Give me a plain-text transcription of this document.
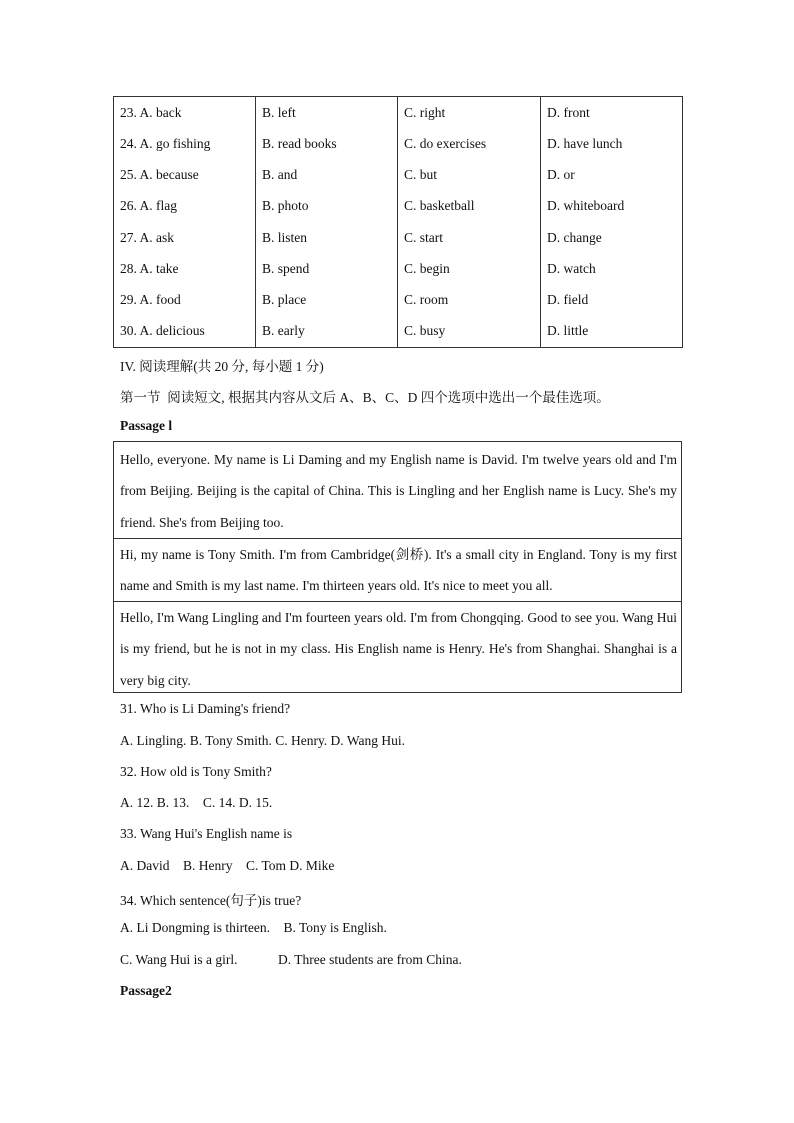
23. A. back	B. left	C. right	D. front
24. A. go fishing	B. read books	C. do exercises	D. have lunch
25. A. because	B. and	C. but	D. or
26. A. flag	B. photo	C. basketball	D. whiteboard
27. A. ask	B. listen	C. start	D. change
28. A. take	B. spend	C. begin	D. watch
29. A. food	B. place	C. room	D. field
30. A. delicious	B. early	C. busy	D. little
IV. 阅读理解(共 20 分, 每小题 1 分)
第一节  阅读短文, 根据其内容从文后 A、B、C、D 四个选项中选出一个最佳选项。
Passage l
Hello, everyone. My name is Li Daming and my English name is David. I'm twelve years old and I'm from Beijing. Beijing is the capital of China. This is Lingling and her English name is Lucy. She's my friend. She's from Beijing too.
Hi, my name is Tony Smith. I'm from Cambridge(剑桥). It's a small city in England. Tony is my first name and Smith is my last name. I'm thirteen years old. It's nice to meet you all.
Hello, I'm Wang Lingling and I'm fourteen years old. I'm from Chongqing. Good to see you. Wang Hui is my friend, but he is not in my class. His English name is Henry. He's from Shanghai. Shanghai is a very big city.
31. Who is Li Daming's friend?
A. Lingling. B. Tony Smith. C. Henry. D. Wang Hui.
32. How old is Tony Smith?
A. 12. B. 13.    C. 14. D. 15.
33. Wang Hui's English name is
A. David    B. Henry    C. Tom D. Mike
34. Which sentence(句子)is true?
A. Li Dongming is thirteen.    B. Tony is English.
C. Wang Hui is a girl.            D. Three students are from China.
Passage2
